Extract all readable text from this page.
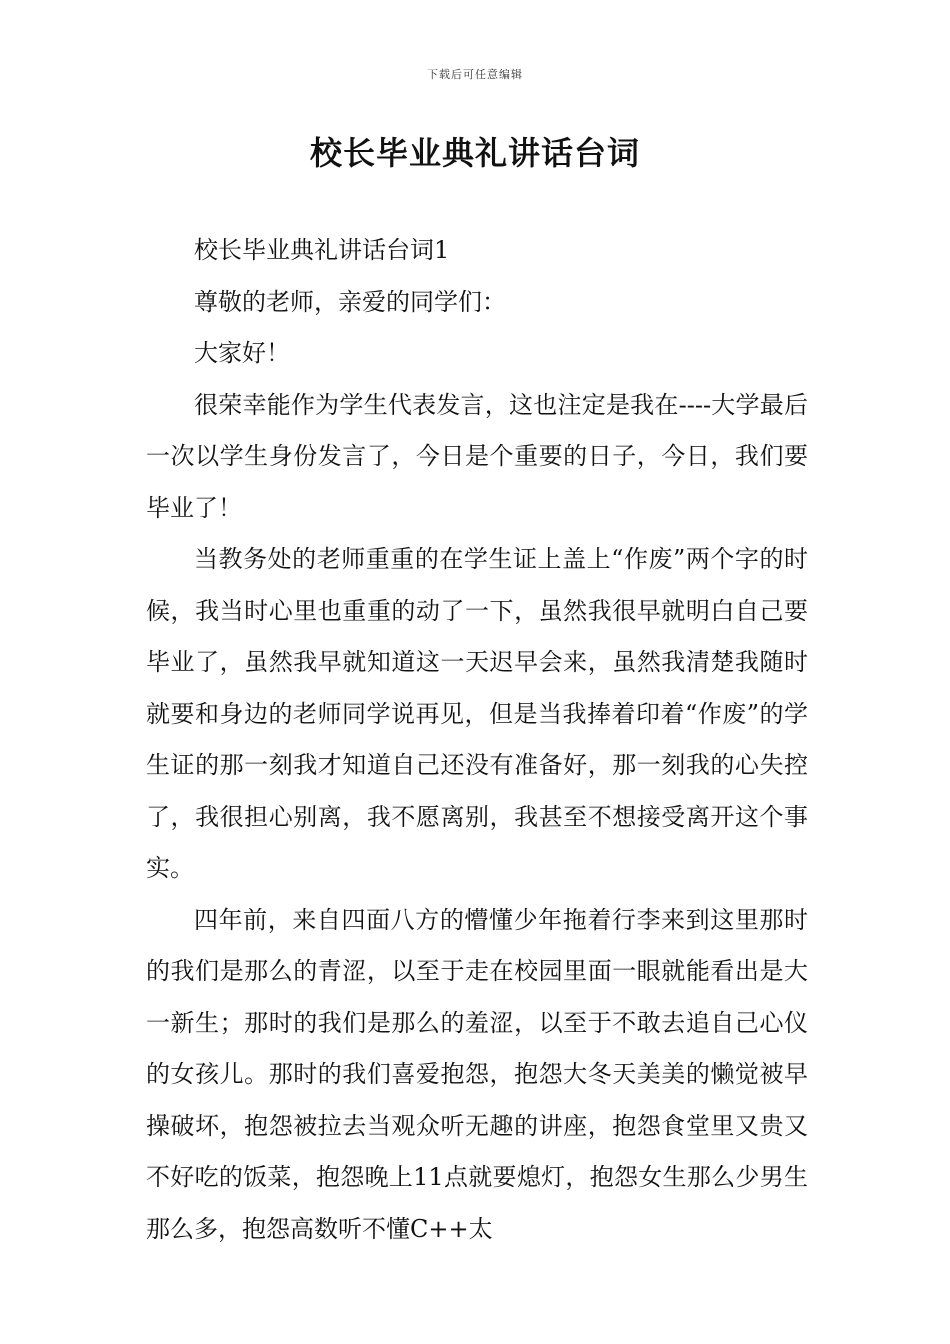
下载后可任意编辑
校长毕业典礼讲话台词

校长毕业典礼讲话台词1

尊敬的老师，亲爱的同学们：

大家好！

很荣幸能作为学生代表发言，这也注定是我在----大学最后一次以学生身份发言了，今日是个重要的日子，今日，我们要毕业了！

当教务处的老师重重的在学生证上盖上“作废”两个字的时候，我当时心里也重重的动了一下，虽然我很早就明白自己要毕业了，虽然我早就知道这一天迟早会来，虽然我清楚我随时就要和身边的老师同学说再见，但是当我捧着印着“作废”的学生证的那一刻我才知道自己还没有准备好，那一刻我的心失控了，我很担心别离，我不愿离别，我甚至不想接受离开这个事实。

四年前，来自四面八方的懵懂少年拖着行李来到这里那时的我们是那么的青涩，以至于走在校园里面一眼就能看出是大一新生；那时的我们是那么的羞涩，以至于不敢去追自己心仪的女孩儿。那时的我们喜爱抱怨，抱怨大冬天美美的懒觉被早操破坏，抱怨被拉去当观众听无趣的讲座，抱怨食堂里又贵又不好吃的饭菜，抱怨晚上11点就要熄灯，抱怨女生那么少男生那么多，抱怨高数听不懂C++太
